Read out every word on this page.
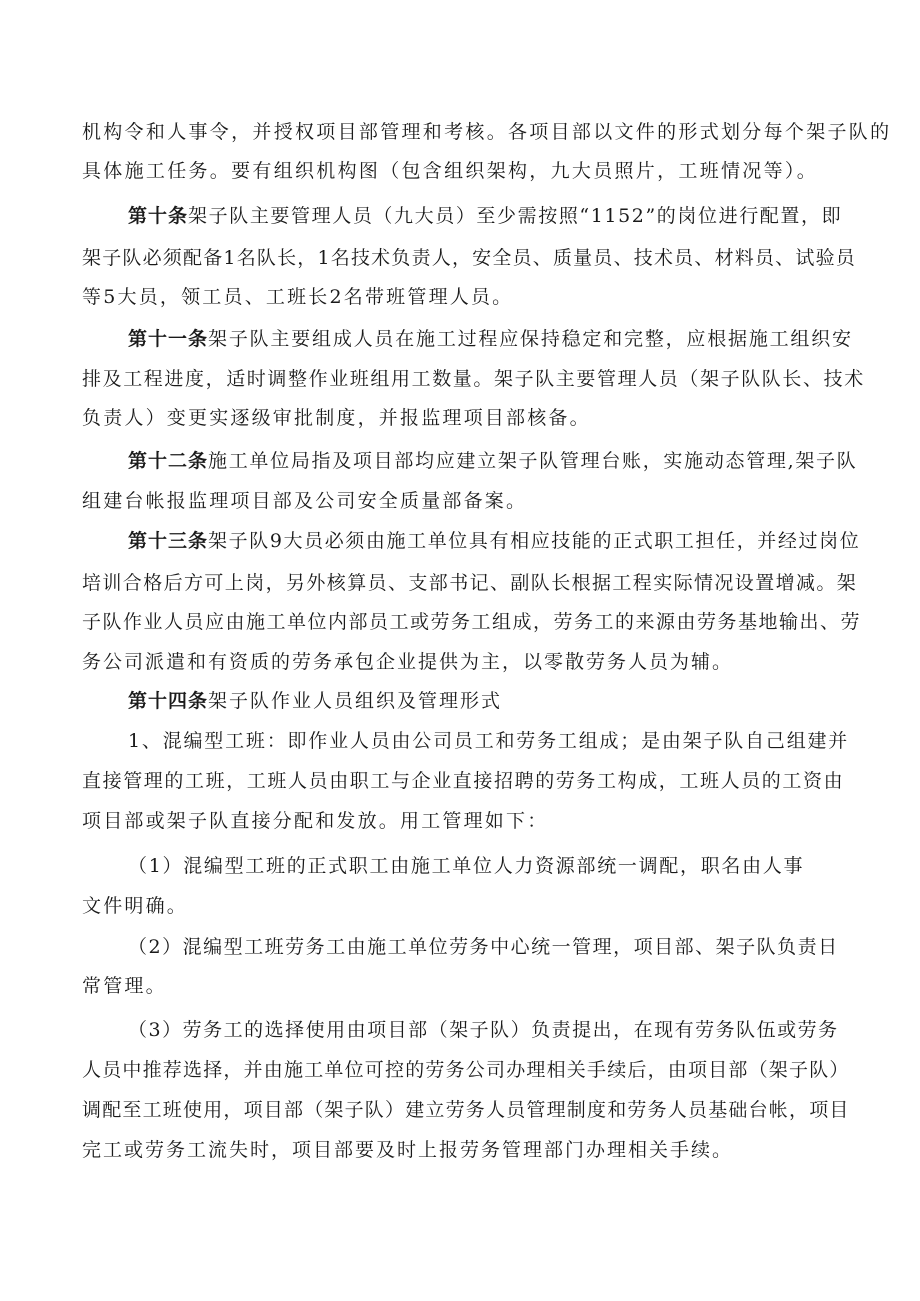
机构令和人事令，并授权项目部管理和考核。各项目部以文件的形式划分每个架子队的
具体施工任务。要有组织机构图（包含组织架构，九大员照片，工班情况等）。
第十条架子队主要管理人员（九大员）至少需按照“1152”的岗位进行配置，即
架子队必须配备1名队长，1名技术负责人，安全员、质量员、技术员、材料员、试验员
等5大员，领工员、工班长2名带班管理人员。
第十一条架子队主要组成人员在施工过程应保持稳定和完整，应根据施工组织安
排及工程进度，适时调整作业班组用工数量。架子队主要管理人员（架子队队长、技术
负责人）变更实逐级审批制度，并报监理项目部核备。
第十二条施工单位局指及项目部均应建立架子队管理台账，实施动态管理,架子队
组建台帐报监理项目部及公司安全质量部备案。
第十三条架子队9大员必须由施工单位具有相应技能的正式职工担任，并经过岗位
培训合格后方可上岗，另外核算员、支部书记、副队长根据工程实际情况设置增减。架
子队作业人员应由施工单位内部员工或劳务工组成，劳务工的来源由劳务基地输出、劳
务公司派遣和有资质的劳务承包企业提供为主，以零散劳务人员为辅。
第十四条架子队作业人员组织及管理形式
1、混编型工班：即作业人员由公司员工和劳务工组成；是由架子队自己组建并
直接管理的工班，工班人员由职工与企业直接招聘的劳务工构成，工班人员的工资由
项目部或架子队直接分配和发放。用工管理如下：
（1）混编型工班的正式职工由施工单位人力资源部统一调配，职名由人事
文件明确。
（2）混编型工班劳务工由施工单位劳务中心统一管理，项目部、架子队负责日
常管理。
（3）劳务工的选择使用由项目部（架子队）负责提出，在现有劳务队伍或劳务
人员中推荐选择，并由施工单位可控的劳务公司办理相关手续后，由项目部（架子队）
调配至工班使用，项目部（架子队）建立劳务人员管理制度和劳务人员基础台帐，项目
完工或劳务工流失时，项目部要及时上报劳务管理部门办理相关手续。
